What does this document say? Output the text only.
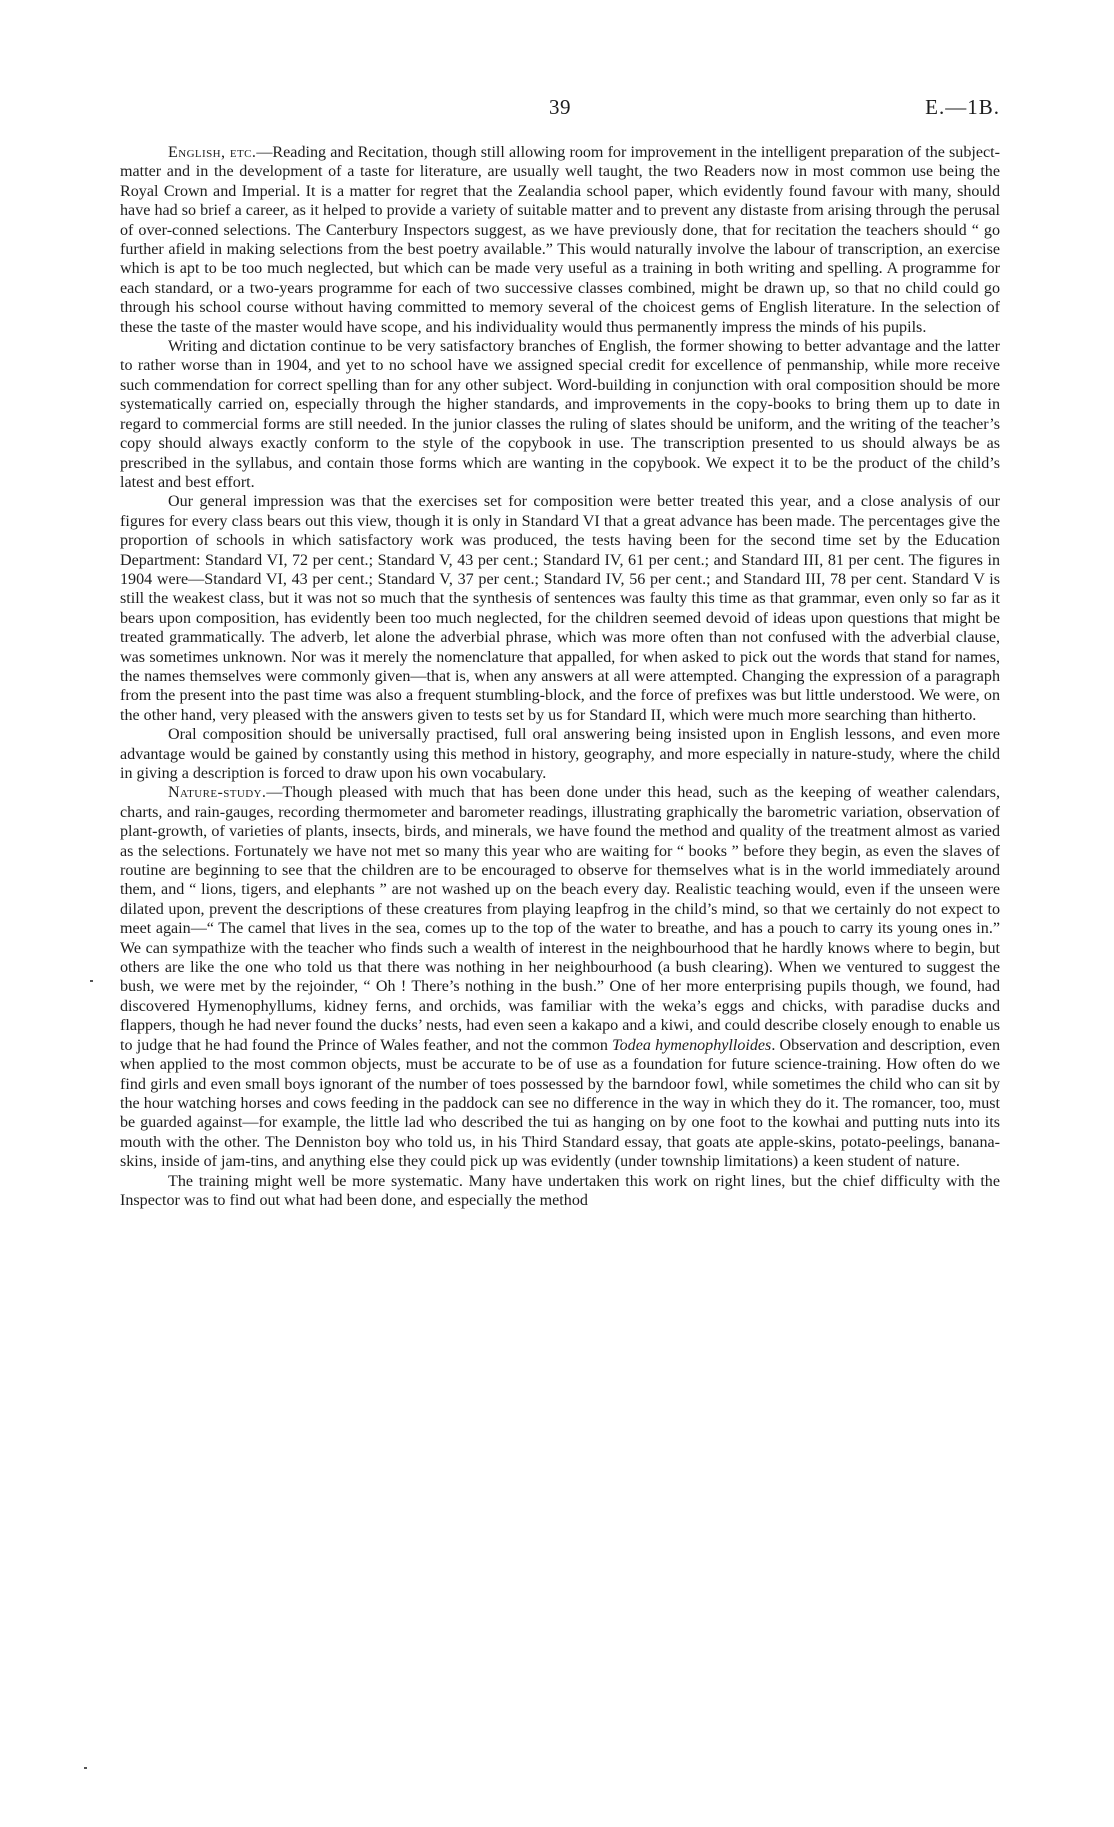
39	E.—1B.

English, etc.—Reading and Recitation, though still allowing room for improvement in the intelligent preparation of the subject-matter and in the development of a taste for literature, are usually well taught, the two Readers now in most common use being the Royal Crown and Imperial. It is a matter for regret that the Zealandia school paper, which evidently found favour with many, should have had so brief a career, as it helped to provide a variety of suitable matter and to prevent any distaste from arising through the perusal of over-conned selections. The Canterbury Inspectors suggest, as we have previously done, that for recitation the teachers should “ go further afield in making selections from the best poetry available.” This would naturally involve the labour of transcription, an exercise which is apt to be too much neglected, but which can be made very useful as a training in both writing and spelling. A programme for each standard, or a two-years programme for each of two successive classes combined, might be drawn up, so that no child could go through his school course without having committed to memory several of the choicest gems of English literature. In the selection of these the taste of the master would have scope, and his individuality would thus permanently impress the minds of his pupils.

Writing and dictation continue to be very satisfactory branches of English, the former showing to better advantage and the latter to rather worse than in 1904, and yet to no school have we assigned special credit for excellence of penmanship, while more receive such commendation for correct spelling than for any other subject. Word-building in conjunction with oral composition should be more systematically carried on, especially through the higher standards, and improvements in the copy-books to bring them up to date in regard to commercial forms are still needed. In the junior classes the ruling of slates should be uniform, and the writing of the teacher’s copy should always exactly conform to the style of the copybook in use. The transcription presented to us should always be as prescribed in the syllabus, and contain those forms which are wanting in the copybook. We expect it to be the product of the child’s latest and best effort.

Our general impression was that the exercises set for composition were better treated this year, and a close analysis of our figures for every class bears out this view, though it is only in Standard VI that a great advance has been made. The percentages give the proportion of schools in which satisfactory work was produced, the tests having been for the second time set by the Education Department: Standard VI, 72 per cent.; Standard V, 43 per cent.; Standard IV, 61 per cent.; and Standard III, 81 per cent. The figures in 1904 were—Standard VI, 43 per cent.; Standard V, 37 per cent.; Standard IV, 56 per cent.; and Standard III, 78 per cent. Standard V is still the weakest class, but it was not so much that the synthesis of sentences was faulty this time as that grammar, even only so far as it bears upon composition, has evidently been too much neglected, for the children seemed devoid of ideas upon questions that might be treated grammatically. The adverb, let alone the adverbial phrase, which was more often than not confused with the adverbial clause, was sometimes unknown. Nor was it merely the nomenclature that appalled, for when asked to pick out the words that stand for names, the names themselves were commonly given—that is, when any answers at all were attempted. Changing the expression of a paragraph from the present into the past time was also a frequent stumbling-block, and the force of prefixes was but little understood. We were, on the other hand, very pleased with the answers given to tests set by us for Standard II, which were much more searching than hitherto.

Oral composition should be universally practised, full oral answering being insisted upon in English lessons, and even more advantage would be gained by constantly using this method in history, geography, and more especially in nature-study, where the child in giving a description is forced to draw upon his own vocabulary.

Nature-study.—Though pleased with much that has been done under this head, such as the keeping of weather calendars, charts, and rain-gauges, recording thermometer and barometer readings, illustrating graphically the barometric variation, observation of plant-growth, of varieties of plants, insects, birds, and minerals, we have found the method and quality of the treatment almost as varied as the selections. Fortunately we have not met so many this year who are waiting for “ books ” before they begin, as even the slaves of routine are beginning to see that the children are to be encouraged to observe for themselves what is in the world immediately around them, and “ lions, tigers, and elephants ” are not washed up on the beach every day. Realistic teaching would, even if the unseen were dilated upon, prevent the descriptions of these creatures from playing leapfrog in the child’s mind, so that we certainly do not expect to meet again—“ The camel that lives in the sea, comes up to the top of the water to breathe, and has a pouch to carry its young ones in.” We can sympathize with the teacher who finds such a wealth of interest in the neighbourhood that he hardly knows where to begin, but others are like the one who told us that there was nothing in her neighbourhood (a bush clearing). When we ventured to suggest the bush, we were met by the rejoinder, “ Oh ! There’s nothing in the bush.” One of her more enterprising pupils though, we found, had discovered Hymenophyllums, kidney ferns, and orchids, was familiar with the weka’s eggs and chicks, with paradise ducks and flappers, though he had never found the ducks’ nests, had even seen a kakapo and a kiwi, and could describe closely enough to enable us to judge that he had found the Prince of Wales feather, and not the common Todea hymenophylloides. Observation and description, even when applied to the most common objects, must be accurate to be of use as a foundation for future science-training. How often do we find girls and even small boys ignorant of the number of toes possessed by the barndoor fowl, while sometimes the child who can sit by the hour watching horses and cows feeding in the paddock can see no difference in the way in which they do it. The romancer, too, must be guarded against—for example, the little lad who described the tui as hanging on by one foot to the kowhai and putting nuts into its mouth with the other. The Denniston boy who told us, in his Third Standard essay, that goats ate apple-skins, potato-peelings, banana-skins, inside of jam-tins, and anything else they could pick up was evidently (under township limitations) a keen student of nature.

The training might well be more systematic. Many have undertaken this work on right lines, but the chief difficulty with the Inspector was to find out what had been done, and especially the method
